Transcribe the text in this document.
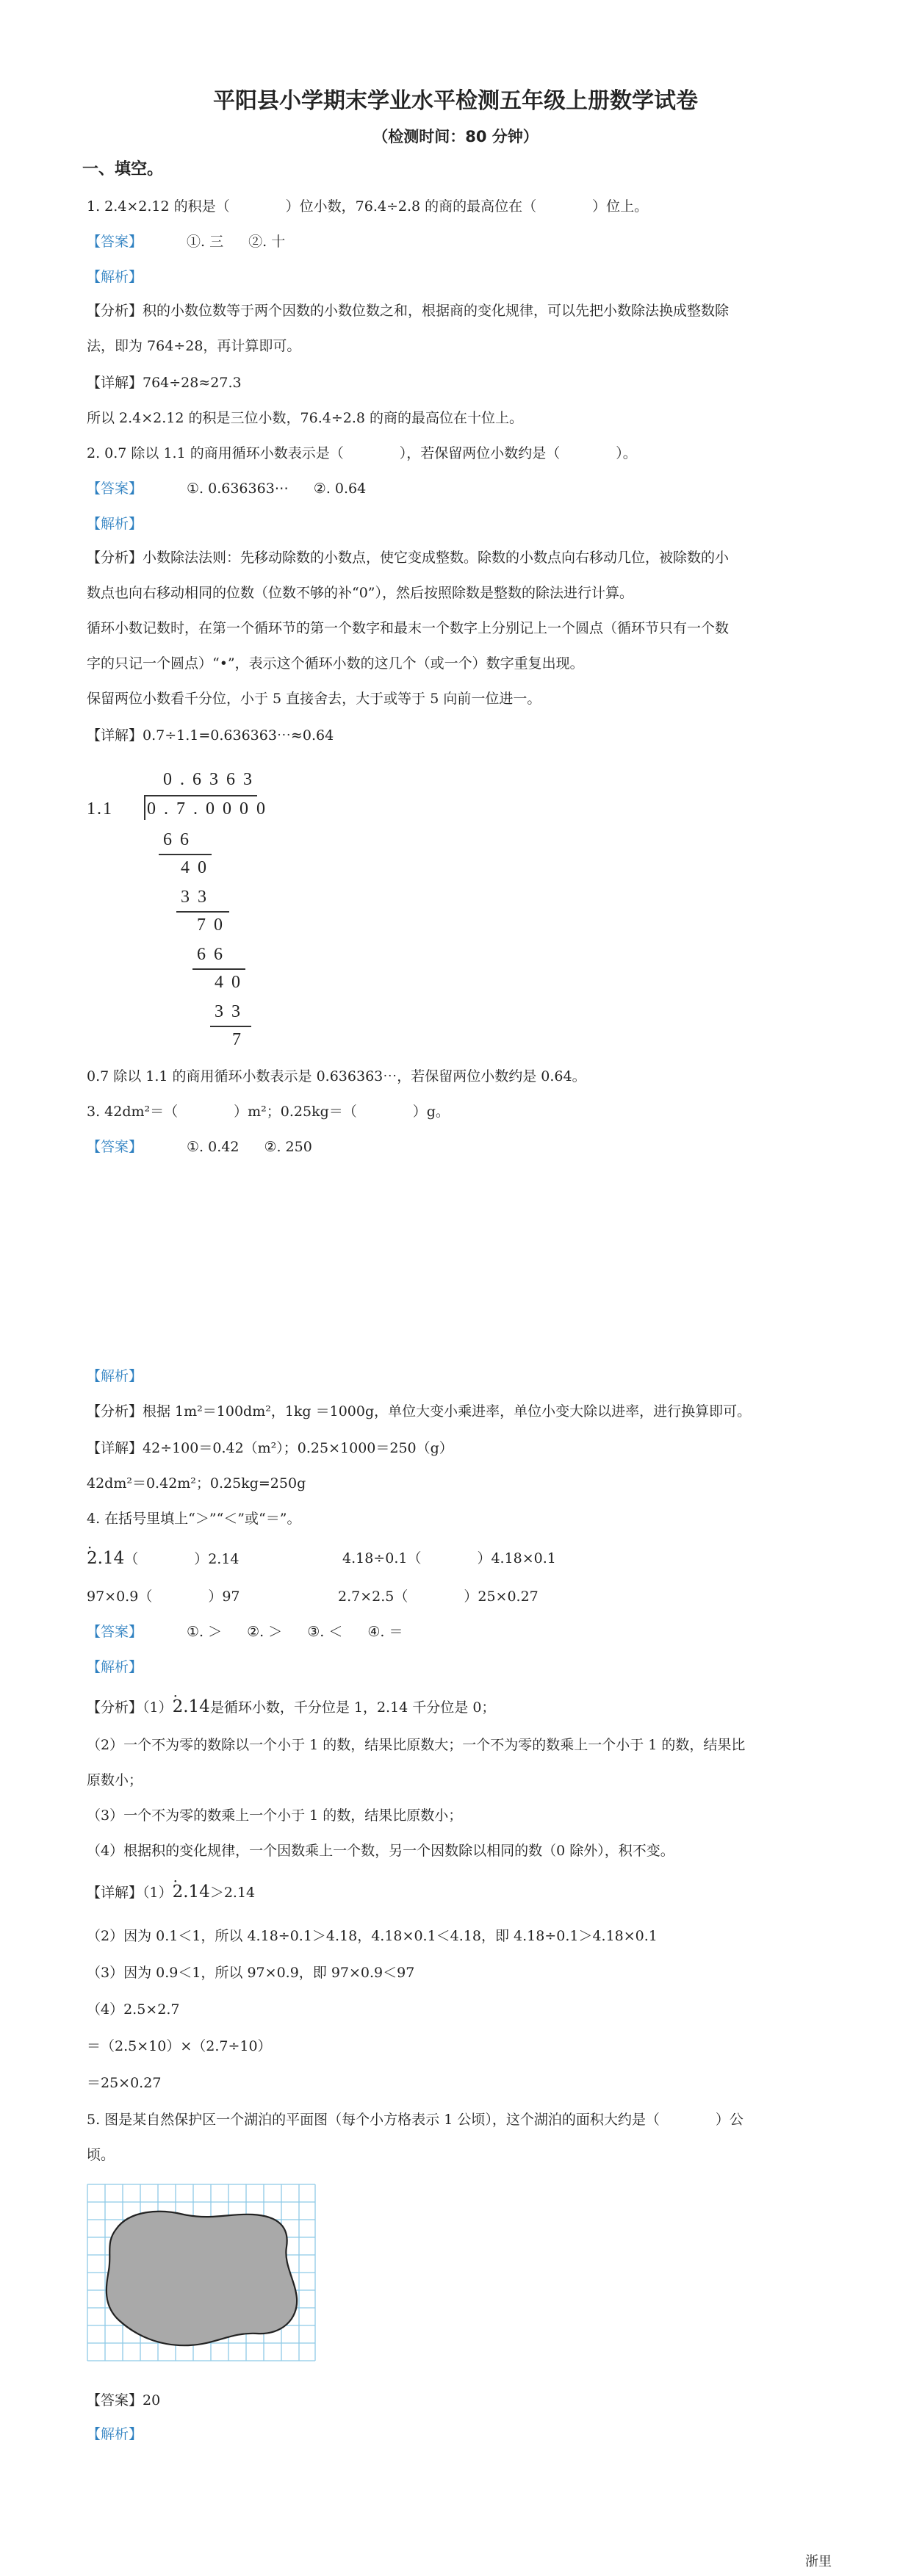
平阳县小学期末学业水平检测五年级上册数学试卷
（检测时间：80 分钟）
一、填空。
1. 2.4×2.12 的积是（　　　　）位小数，76.4÷2.8 的商的最高位在（　　　　）位上。
【答案】	①. 三 ②. 十
【解析】
【分析】积的小数位数等于两个因数的小数位数之和，根据商的变化规律，可以先把小数除法换成整数除
法，即为 764÷28，再计算即可。
【详解】764÷28≈27.3
所以 2.4×2.12 的积是三位小数，76.4÷2.8 的商的最高位在十位上。
2. 0.7 除以 1.1 的商用循环小数表示是（　　　　），若保留两位小数约是（　　　　）。
【答案】	①. 0.636363⋯ ②. 0.64
【解析】
【分析】小数除法法则：先移动除数的小数点，使它变成整数。除数的小数点向右移动几位，被除数的小
数点也向右移动相同的位数（位数不够的补“0”），然后按照除数是整数的除法进行计算。
循环小数记数时，在第一个循环节的第一个数字和最末一个数字上分别记上一个圆点（循环节只有一个数
字的只记一个圆点）“•”，表示这个循环小数的这几个（或一个）数字重复出现。
保留两位小数看千分位，小于 5 直接舍去，大于或等于 5 向前一位进一。
【详解】0.7÷1.1=0.636363⋯≈0.64
0.6363
1.1 0.7.0000
66
40
33
70
66
40
33
7
0.7 除以 1.1 的商用循环小数表示是 0.636363⋯，若保留两位小数约是 0.64。
3. 42dm²＝（　　　　）m²；0.25kg＝（　　　　）g。
【答案】	①. 0.42 ②. 250
【解析】
【分析】根据 1m²＝100dm²，1kg ＝1000g，单位大变小乘进率，单位小变大除以进率，进行换算即可。
【详解】42÷100＝0.42（m²）；0.25×1000＝250（g）
42dm²＝0.42m²；0.25kg=250g
4. 在括号里填上“＞”“＜”或“＝”。
2.14 ·（　　　　）2.14	4.18÷0.1（　　　　）4.18×0.1
97×0.9（　　　　）97	2.7×2.5（　　　　）25×0.27
【答案】	①. ＞ ②. ＞ ③. ＜ ④. ＝
【解析】
【分析】（1）2.14 ·是循环小数，千分位是 1，2.14 千分位是 0；
（2）一个不为零的数除以一个小于 1 的数，结果比原数大；一个不为零的数乘上一个小于 1 的数，结果比
原数小；
（3）一个不为零的数乘上一个小于 1 的数，结果比原数小；
（4）根据积的变化规律，一个因数乘上一个数，另一个因数除以相同的数（0 除外），积不变。
【详解】（1）2.14 ·＞2.14
（2）因为 0.1＜1，所以 4.18÷0.1＞4.18，4.18×0.1＜4.18，即 4.18÷0.1＞4.18×0.1
（3）因为 0.9＜1，所以 97×0.9，即 97×0.9＜97
（4）2.5×2.7
＝（2.5×10）×（2.7÷10）
＝25×0.27
5. 图是某自然保护区一个湖泊的平面图（每个小方格表示 1 公顷），这个湖泊的面积大约是（　　　　）公
顷。
【答案】20
【解析】
浙里
